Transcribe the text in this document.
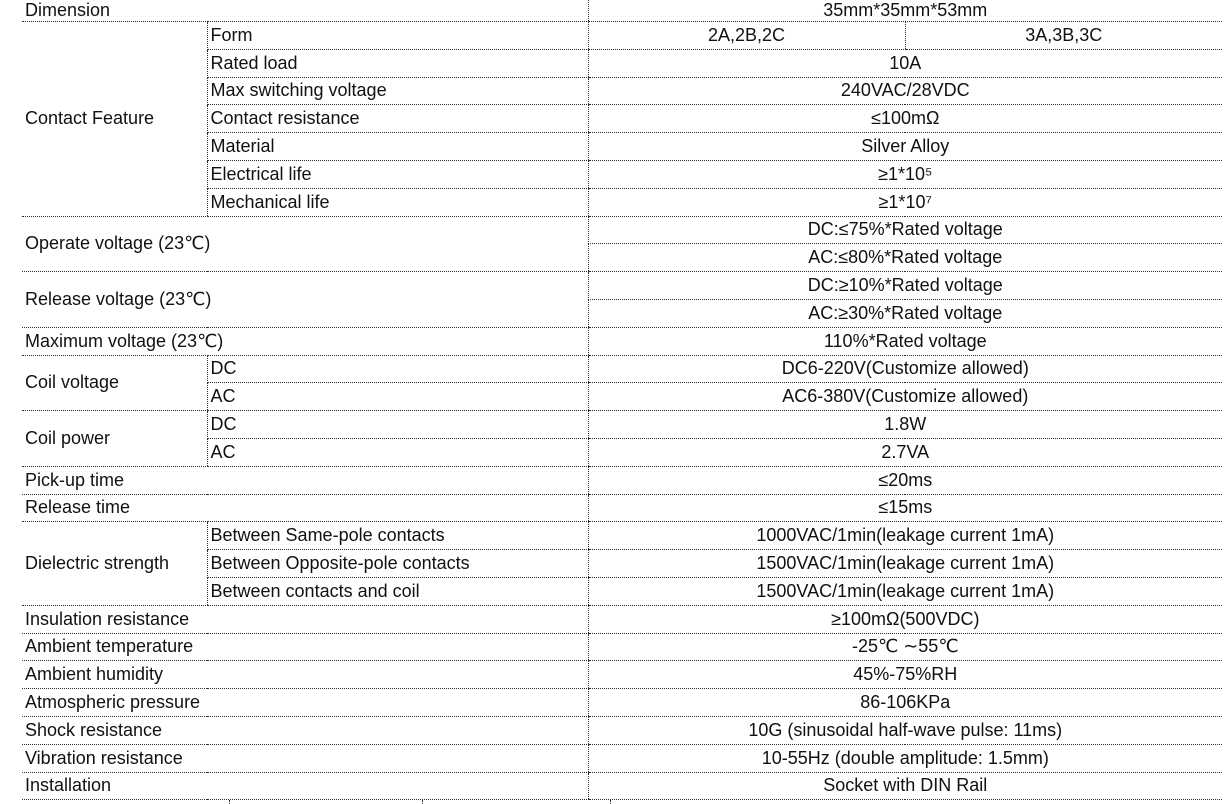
Dimension		35mm*35mm*53mm	
Contact Feature	Form	2A,2B,2C	3A,3B,3C
	Rated load	10A	
	Max switching voltage	240VAC/28VDC	
	Contact resistance	≤100mΩ	
	Material	Silver Alloy	
	Electrical life	≥1*10⁵	
	Mechanical life	≥1*10⁷	
Operate voltage (23℃)		DC:≤75%*Rated voltage	
		AC:≤80%*Rated voltage	
Release voltage (23℃)		DC:≥10%*Rated voltage	
		AC:≥30%*Rated voltage	
Maximum voltage (23℃)		110%*Rated voltage	
Coil voltage	DC	DC6-220V(Customize allowed)	
	AC	AC6-380V(Customize allowed)	
Coil power	DC	1.8W	
	AC	2.7VA	
Pick-up time		≤20ms	
Release time		≤15ms	
Dielectric strength	Between Same-pole contacts	1000VAC/1min(leakage current 1mA)	
	Between Opposite-pole contacts	1500VAC/1min(leakage current 1mA)	
	Between contacts and coil	1500VAC/1min(leakage current 1mA)	
Insulation resistance		≥100mΩ(500VDC)	
Ambient temperature		-25℃ ∼55℃	
Ambient humidity		45%-75%RH	
Atmospheric pressure		86-106KPa	
Shock resistance		10G (sinusoidal half-wave pulse: 11ms)	
Vibration resistance		10-55Hz (double amplitude: 1.5mm)	
Installation		Socket with DIN Rail	
